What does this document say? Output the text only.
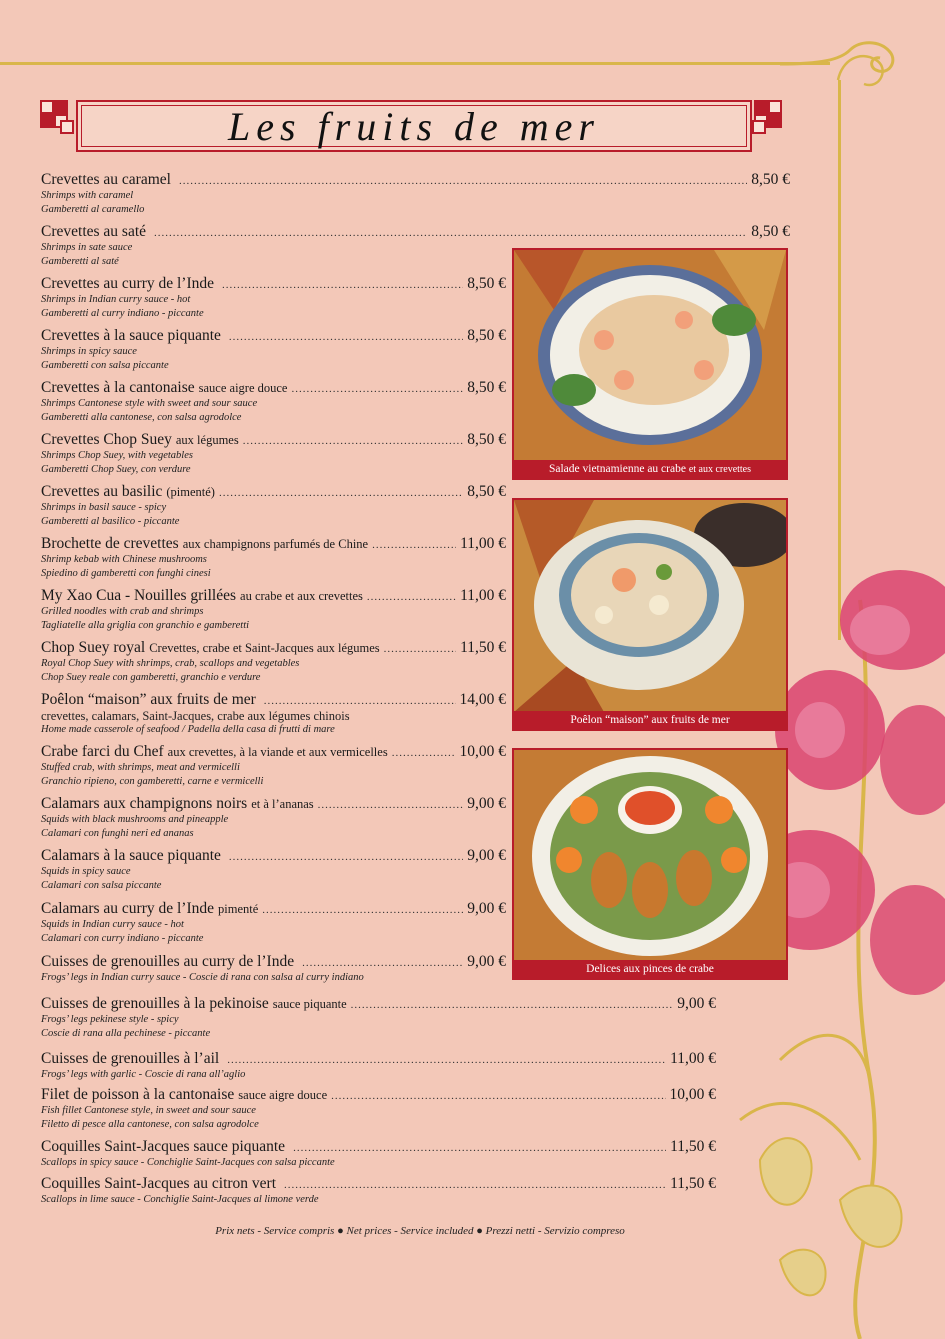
Les fruits de mer
Crevettes au caramel .....	8,50 €
Shrimps with caramel
Gamberetti al caramello
Crevettes au saté .....	8,50 €
Shrimps in sate sauce
Gamberetti al saté
Crevettes au curry de l’Inde .....	8,50 €
Shrimps in Indian curry sauce - hot
Gamberetti al curry indiano - piccante
Crevettes à la sauce piquante .....	8,50 €
Shrimps in spicy sauce
Gamberetti con salsa piccante
Crevettes à la cantonaise sauce aigre douce .....	8,50 €
Shrimps Cantonese style with sweet and sour sauce
Gamberetti alla cantonese, con salsa agrodolce
Crevettes Chop Suey aux légumes .....	8,50 €
Shrimps Chop Suey, with vegetables
Gamberetti Chop Suey, con verdure
Crevettes au basilic (pimenté) .....	8,50 €
Shrimps in basil sauce - spicy
Gamberetti al basilico - piccante
Brochette de crevettes aux champignons parfumés de Chine .....	11,00 €
Shrimp kebab with Chinese mushrooms
Spiedino di gamberetti con funghi cinesi
My Xao Cua - Nouilles grillées au crabe et aux crevettes .....	11,00 €
Grilled noodles with crab and shrimps
Tagliatelle alla griglia con granchio e gamberetti
Chop Suey royal Crevettes, crabe et Saint-Jacques aux légumes .....	11,50 €
Royal Chop Suey with shrimps, crab, scallops and vegetables
Chop Suey reale con gamberetti, granchio e verdure
Poêlon “maison” aux fruits de mer .....	14,00 €
crevettes, calamars, Saint-Jacques, crabe aux légumes chinois
Home made casserole of seafood / Padella della casa di frutti di mare
Crabe farci du Chef aux crevettes, à la viande et aux vermicelles .....	10,00 €
Stuffed crab, with shrimps, meat and vermicelli
Granchio ripieno, con gamberetti, carne e vermicelli
Calamars aux champignons noirs et à l’ananas .....	9,00 €
Squids with black mushrooms and pineapple
Calamari con funghi neri ed ananas
Calamars à la sauce piquante .....	9,00 €
Squids in spicy sauce
Calamari con salsa piccante
Calamars au curry de l’Inde pimenté .....	9,00 €
Squids in Indian curry sauce - hot
Calamari con curry indiano - piccante
Cuisses de grenouilles au curry de l’Inde .....	9,00 €
Frogs’ legs in Indian curry sauce - Coscie di rana con salsa al curry indiano
Cuisses de grenouilles à la pekinoise sauce piquante .....	9,00 €
Frogs’ legs pekinese style - spicy
Coscie di rana alla pechinese - piccante
Cuisses de grenouilles à l’ail .....	11,00 €
Frogs’ legs with garlic - Coscie di rana all’aglio
Filet de poisson à la cantonaise sauce aigre douce .....	10,00 €
Fish fillet Cantonese style, in sweet and sour sauce
Filetto di pesce alla cantonese, con salsa agrodolce
Coquilles Saint-Jacques sauce piquante .....	11,50 €
Scallops in spicy sauce - Conchiglie Saint-Jacques con salsa piccante
Coquilles Saint-Jacques au citron vert .....	11,50 €
Scallops in lime sauce - Conchiglie Saint-Jacques al limone verde
Salade vietnamienne au crabe et aux crevettes
Poêlon “maison” aux fruits de mer
Delices aux pinces de crabe
Prix nets - Service compris ● Net prices - Service included ● Prezzi netti - Servizio compreso
